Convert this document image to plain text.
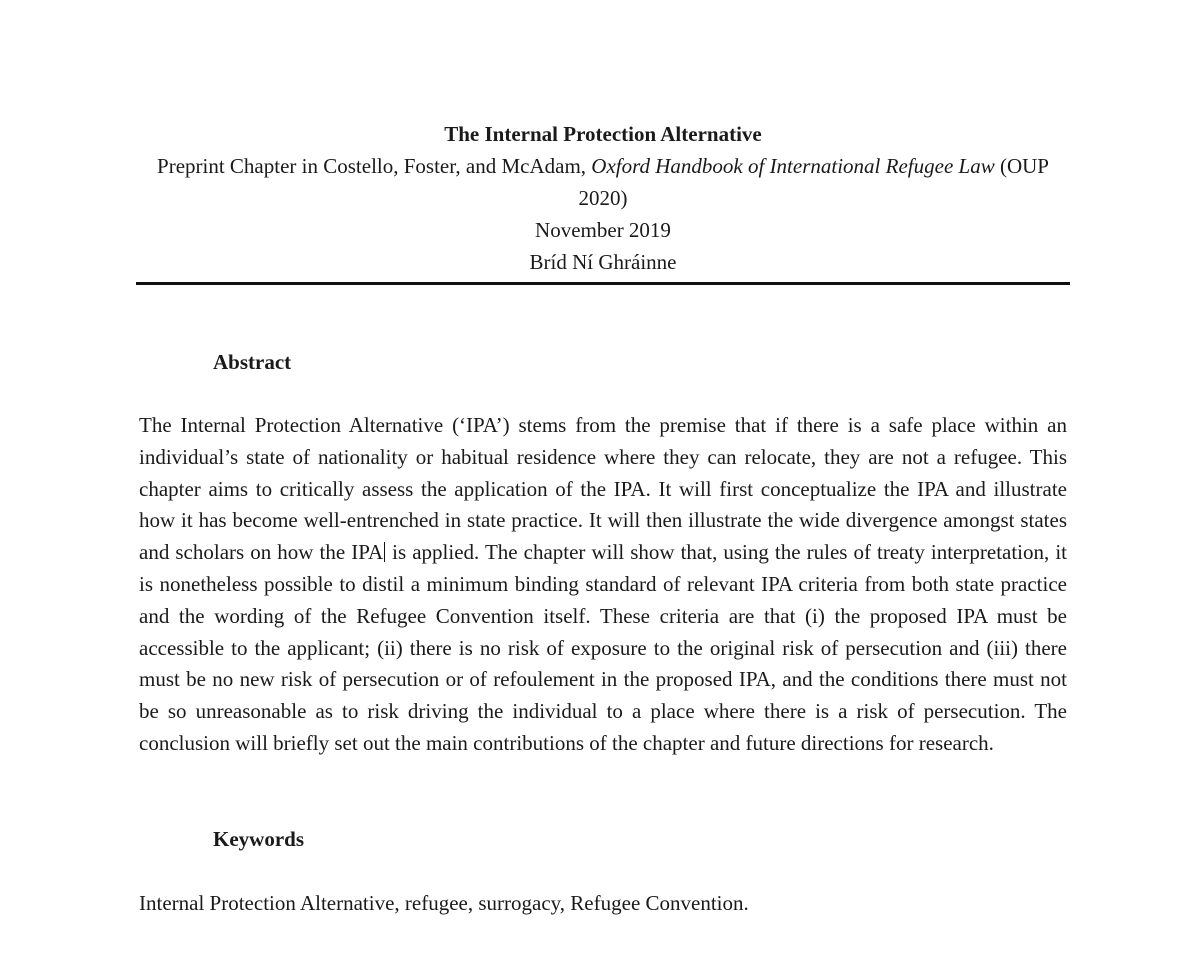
The Internal Protection Alternative
Preprint Chapter in Costello, Foster, and McAdam, Oxford Handbook of International Refugee Law (OUP 2020)
November 2019
Bríd Ní Ghráinne
Abstract
The Internal Protection Alternative (‘IPA’) stems from the premise that if there is a safe place within an individual’s state of nationality or habitual residence where they can relocate, they are not a refugee. This chapter aims to critically assess the application of the IPA. It will first conceptualize the IPA and illustrate how it has become well-entrenched in state practice. It will then illustrate the wide divergence amongst states and scholars on how the IPA is applied. The chapter will show that, using the rules of treaty interpretation, it is nonetheless possible to distil a minimum binding standard of relevant IPA criteria from both state practice and the wording of the Refugee Convention itself. These criteria are that (i) the proposed IPA must be accessible to the applicant; (ii) there is no risk of exposure to the original risk of persecution and (iii) there must be no new risk of persecution or of refoulement in the proposed IPA, and the conditions there must not be so unreasonable as to risk driving the individual to a place where there is a risk of persecution. The conclusion will briefly set out the main contributions of the chapter and future directions for research.
Keywords
Internal Protection Alternative, refugee, surrogacy, Refugee Convention.
